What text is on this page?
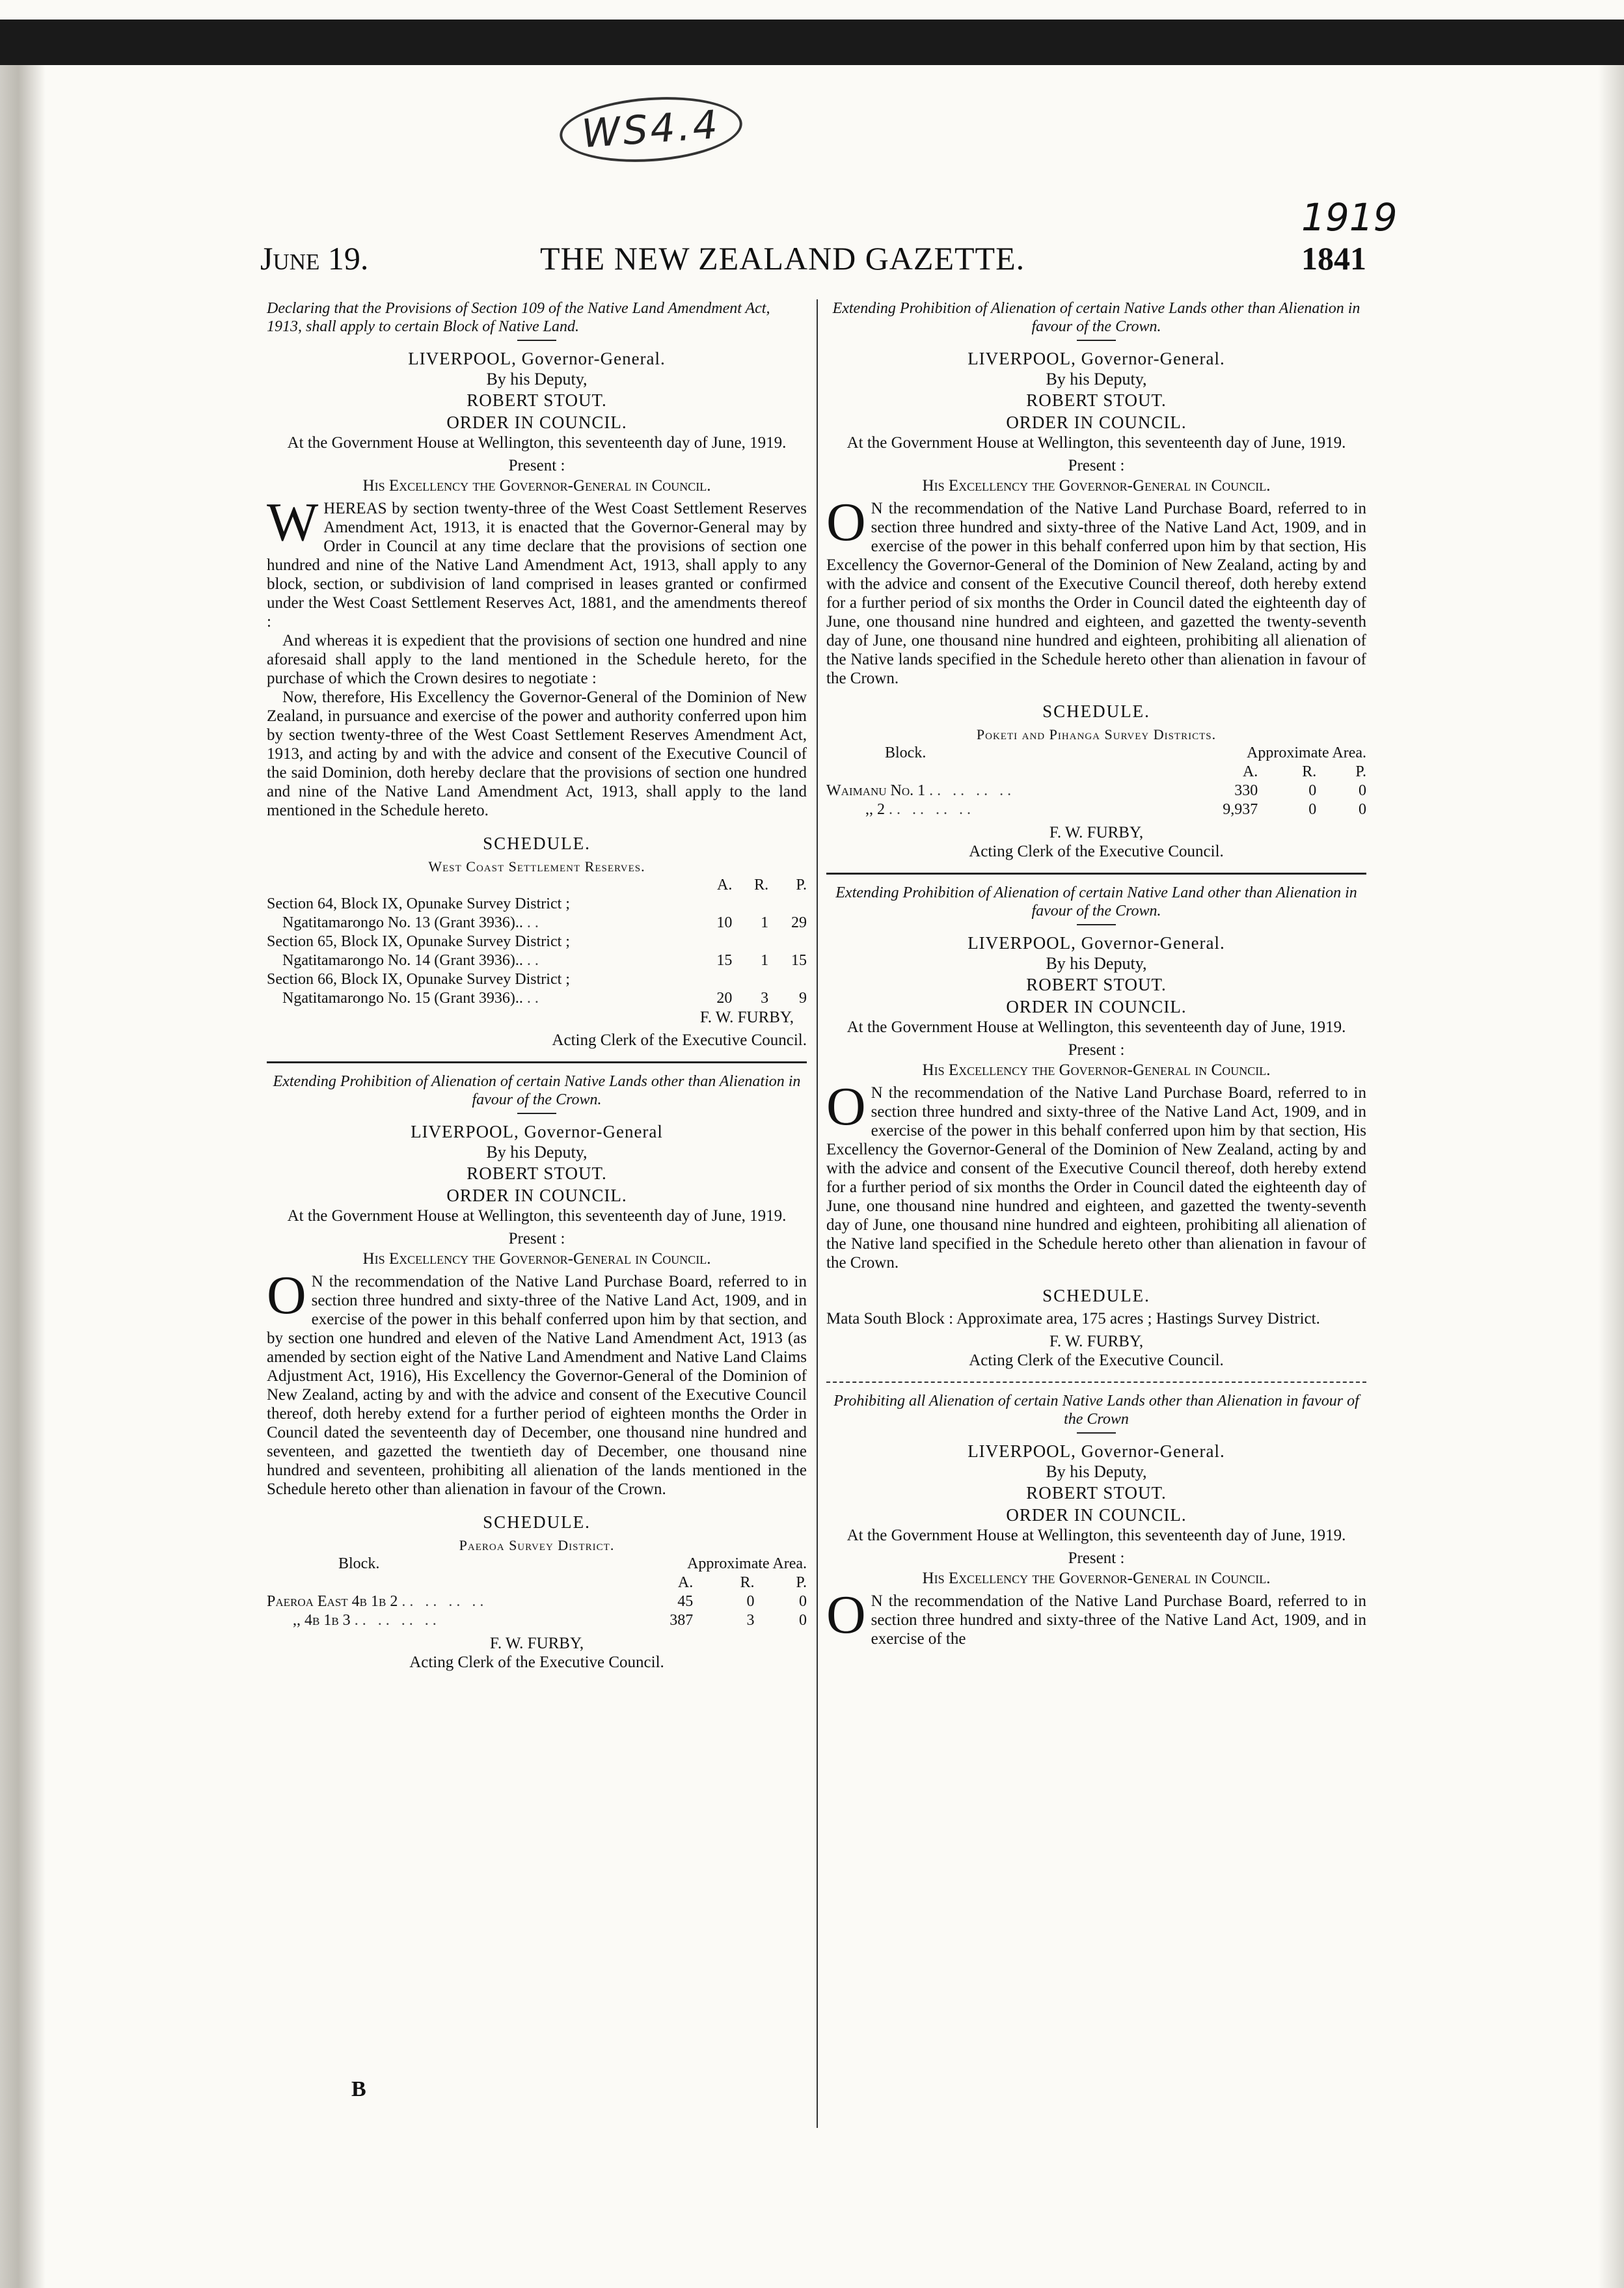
WS4.4
1919
June 19.	THE NEW ZEALAND GAZETTE.	1841
Declaring that the Provisions of Section 109 of the Native Land Amendment Act, 1913, shall apply to certain Block of Native Land.
LIVERPOOL, Governor-General.
By his Deputy,
ROBERT STOUT.
ORDER IN COUNCIL.
At the Government House at Wellington, this seventeenth day of June, 1919.
Present :
His Excellency the Governor-General in Council.

WHEREAS by section twenty-three of the West Coast Settlement Reserves Amendment Act, 1913, it is enacted that the Governor-General may by Order in Council at any time declare that the provisions of section one hundred and nine of the Native Land Amendment Act, 1913, shall apply to any block, section, or subdivision of land comprised in leases granted or confirmed under the West Coast Settlement Reserves Act, 1881, and the amendments thereof :

And whereas it is expedient that the provisions of section one hundred and nine aforesaid shall apply to the land mentioned in the Schedule hereto, for the purchase of which the Crown desires to negotiate :

Now, therefore, His Excellency the Governor-General of the Dominion of New Zealand, in pursuance and exercise of the power and authority conferred upon him by section twenty-three of the West Coast Settlement Reserves Amendment Act, 1913, and acting by and with the advice and consent of the Executive Council of the said Dominion, doth hereby declare that the provisions of section one hundred and nine of the Native Land Amendment Act, 1913, shall apply to the land mentioned in the Schedule hereto.

SCHEDULE.
West Coast Settlement Reserves.
	A.	R.	P.
Section 64, Block IX, Opunake Survey District ;			
Ngatitamarongo No. 13 (Grant 3936).. ..	10	1	29
Section 65, Block IX, Opunake Survey District ;			
Ngatitamarongo No. 14 (Grant 3936).. ..	15	1	15
Section 66, Block IX, Opunake Survey District ;			
Ngatitamarongo No. 15 (Grant 3936).. ..	20	3	9
F. W. FURBY,
Acting Clerk of the Executive Council.
Extending Prohibition of Alienation of certain Native Lands other than Alienation in favour of the Crown.
LIVERPOOL, Governor-General
By his Deputy,
ROBERT STOUT.
ORDER IN COUNCIL.
At the Government House at Wellington, this seventeenth day of June, 1919.
Present :
His Excellency the Governor-General in Council.

O N the recommendation of the Native Land Purchase Board, referred to in section three hundred and sixty-three of the Native Land Act, 1909, and in exercise of the power in this behalf conferred upon him by that section, and by section one hundred and eleven of the Native Land Amendment Act, 1913 (as amended by section eight of the Native Land Amendment and Native Land Claims Adjustment Act, 1916), His Excellency the Governor-General of the Dominion of New Zealand, acting by and with the advice and consent of the Executive Council thereof, doth hereby extend for a further period of eighteen months the Order in Council dated the seventeenth day of December, one thousand nine hundred and seventeen, and gazetted the twentieth day of December, one thousand nine hundred and seventeen, prohibiting all alienation of the lands mentioned in the Schedule hereto other than alienation in favour of the Crown.

SCHEDULE.
Paeroa Survey District.
Block.	Approximate Area.		
	A.	R.	P.
Paeroa East 4b 1b 2 .. .. .. ..	45	0	0
,, 4b 1b 3 .. .. .. ..	387	3	0
F. W. FURBY,
Acting Clerk of the Executive Council.
B
Extending Prohibition of Alienation of certain Native Lands other than Alienation in favour of the Crown.
LIVERPOOL, Governor-General.
By his Deputy,
ROBERT STOUT.
ORDER IN COUNCIL.
At the Government House at Wellington, this seventeenth day of June, 1919.
Present :
His Excellency the Governor-General in Council.

O N the recommendation of the Native Land Purchase Board, referred to in section three hundred and sixty-three of the Native Land Act, 1909, and in exercise of the power in this behalf conferred upon him by that section, His Excellency the Governor-General of the Dominion of New Zealand, acting by and with the advice and consent of the Executive Council thereof, doth hereby extend for a further period of six months the Order in Council dated the eighteenth day of June, one thousand nine hundred and eighteen, and gazetted the twenty-seventh day of June, one thousand nine hundred and eighteen, prohibiting all alienation of the Native lands specified in the Schedule hereto other than alienation in favour of the Crown.

SCHEDULE.
Poketi and Pihanga Survey Districts.
Block.	Approximate Area.		
	A.	R.	P.
Waimanu No. 1 .. .. .. ..	330	0	0
,, 2 .. .. .. ..	9,937	0	0
F. W. FURBY,
Acting Clerk of the Executive Council.
Extending Prohibition of Alienation of certain Native Land other than Alienation in favour of the Crown.
LIVERPOOL, Governor-General.
By his Deputy,
ROBERT STOUT.
ORDER IN COUNCIL.
At the Government House at Wellington, this seventeenth day of June, 1919.
Present :
His Excellency the Governor-General in Council.

O N the recommendation of the Native Land Purchase Board, referred to in section three hundred and sixty-three of the Native Land Act, 1909, and in exercise of the power in this behalf conferred upon him by that section, His Excellency the Governor-General of the Dominion of New Zealand, acting by and with the advice and consent of the Executive Council thereof, doth hereby extend for a further period of six months the Order in Council dated the eighteenth day of June, one thousand nine hundred and eighteen, and gazetted the twenty-seventh day of June, one thousand nine hundred and eighteen, prohibiting all alienation of the Native land specified in the Schedule hereto other than alienation in favour of the Crown.

SCHEDULE.

Mata South Block : Approximate area, 175 acres ; Hastings Survey District.

F. W. FURBY,
Acting Clerk of the Executive Council.
Prohibiting all Alienation of certain Native Lands other than Alienation in favour of the Crown
LIVERPOOL, Governor-General.
By his Deputy,
ROBERT STOUT.
ORDER IN COUNCIL.
At the Government House at Wellington, this seventeenth day of June, 1919.
Present :
His Excellency the Governor-General in Council.

O N the recommendation of the Native Land Purchase Board, referred to in section three hundred and sixty-three of the Native Land Act, 1909, and in exercise of the
